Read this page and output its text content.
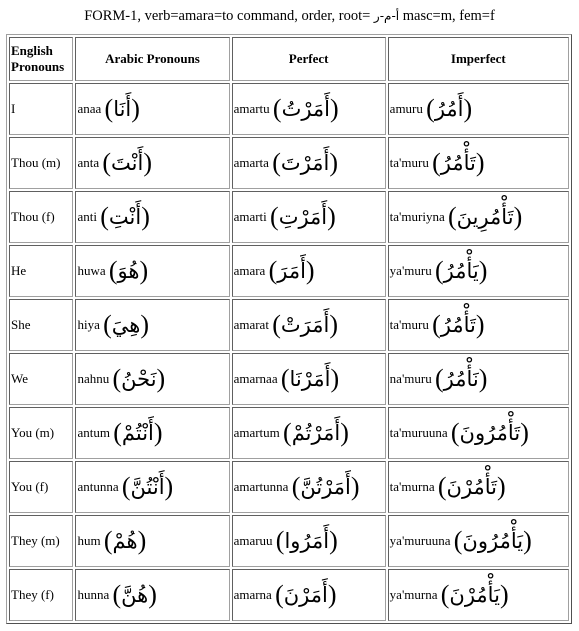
FORM-1, verb=amara=to command, order, root= أ-م-ر masc=m, fem=f
English Pronouns	Arabic Pronouns	Perfect	Imperfect
I	anaa (أَنَا)	amartu (أَمَرْتُ)	amuru (أَمُرُ)
Thou (m)	anta (أَنْتَ)	amarta (أَمَرْتَ)	ta'muru (تَأْمُرُ)
Thou (f)	anti (أَنْتِ)	amarti (أَمَرْتِ)	ta'muriyna (تَأْمُرِينَ)
He	huwa (هُوَ)	amara (أَمَرَ)	ya'muru (يَأْمُرُ)
She	hiya (هِيَ)	amarat (أَمَرَتْ)	ta'muru (تَأْمُرُ)
We	nahnu (نَحْنُ)	amarnaa (أَمَرْنَا)	na'muru (نَأْمُرُ)
You (m)	antum (أَنْتُمْ)	amartum (أَمَرْتُمْ)	ta'muruuna (تَأْمُرُونَ)
You (f)	antunna (أَنْتُنَّ)	amartunna (أَمَرْتُنَّ)	ta'murna (تَأْمُرْنَ)
They (m)	hum (هُمْ)	amaruu (أَمَرُوا)	ya'muruuna (يَأْمُرُونَ)
They (f)	hunna (هُنَّ)	amarna (أَمَرْنَ)	ya'murna (يَأْمُرْنَ)
